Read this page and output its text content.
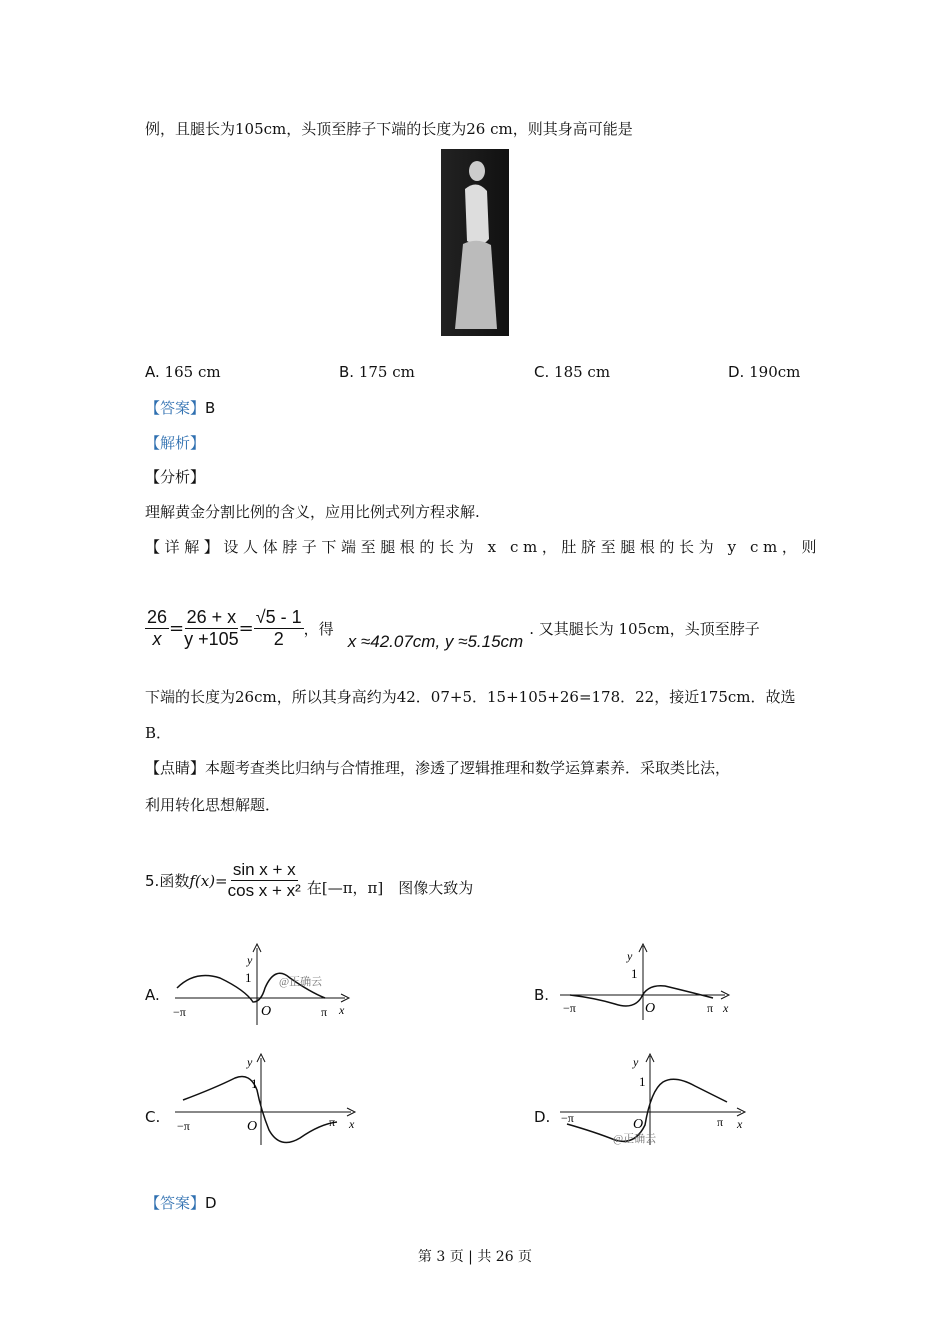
例，且腿长为105cm，头顶至脖子下端的长度为26 cm，则其身高可能是
A. 165 cm	B. 175 cm	C. 185 cm	D. 190cm
【答案】B
【解析】
【分析】
理解黄金分割比例的含义，应用比例式列方程求解.
【详解】设人体脖子下端至腿根的长为 x cm，肚脐至腿根的长为 y cm，则
$\frac{26}{x} = \frac{26 + x}{y +105} = \frac{√5 - 1}{2}$ ，得
x ≈42.07cm, y ≈5.15cm
. 又其腿长为 105cm，头顶至脖子
下端的长度为26cm，所以其身高约为42．07+5．15+105+26=178．22，接近175cm．故选
B．
【点睛】本题考查类比归纳与合情推理，渗透了逻辑推理和数学运算素养．采取类比法，
利用转化思想解题．
5. 函数 $f(x)= \frac{\text{sin x + x}}{\text{cos x + x²}}$ 在[—π，π]　图像大致为
A.	B.
C.	D.
y
1
O
−π	π x
@正确云
y
1
O
−π	π x
y
1
O
−π	π x
y
1
O
−π	π x
@正确云
【答案】D
第 3 页 | 共 26 页
